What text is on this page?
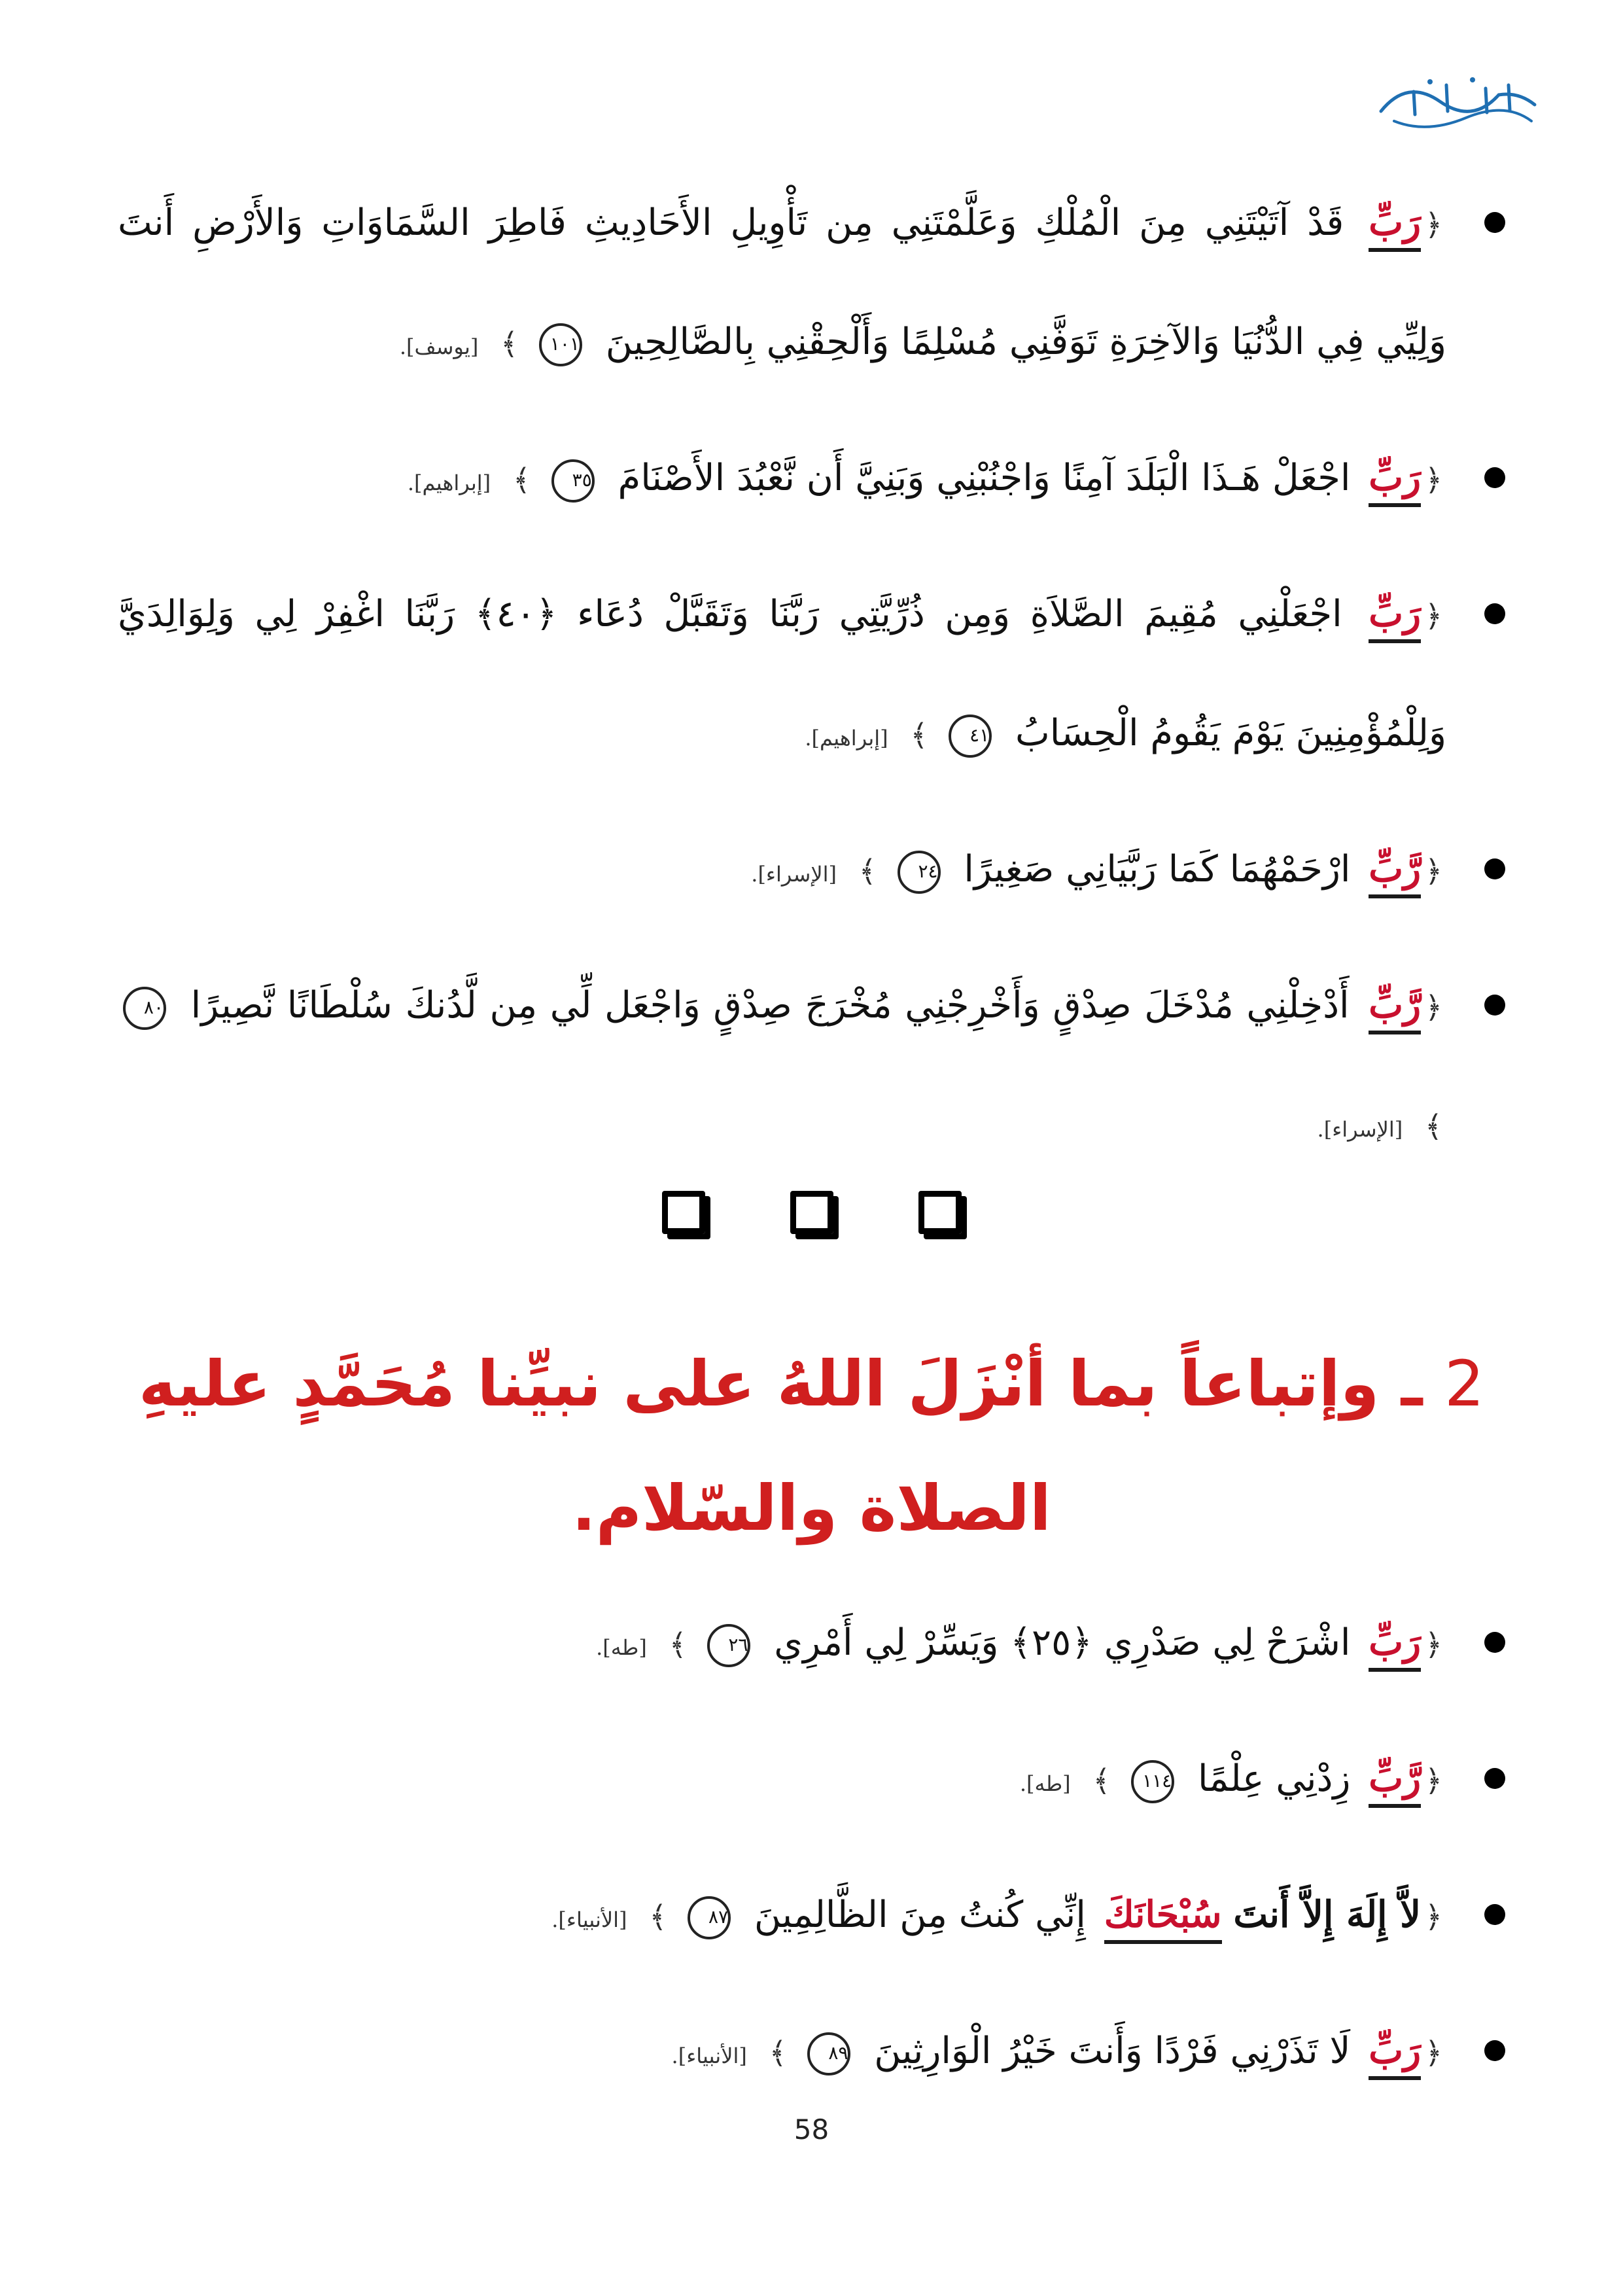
﴿رَبِّ قَدْ آتَيْتَنِي مِنَ الْمُلْكِ وَعَلَّمْتَنِي مِن تَأْوِيلِ الأَحَادِيثِ فَاطِرَ السَّمَاوَاتِ وَالأَرْضِ أَنتَ وَلِيِّي فِي الدُّنُيَا وَالآخِرَةِ تَوَفَّنِي مُسْلِمًا وَأَلْحِقْنِي بِالصَّالِحِينَ ١٠١ ﴾ [يوسف].
﴿رَبِّ اجْعَلْ هَـذَا الْبَلَدَ آمِنًا وَاجْنُبْنِي وَبَنِيَّ أَن نَّعْبُدَ الأَصْنَامَ ٣٥ ﴾ [إبراهيم].
﴿رَبِّ اجْعَلْنِي مُقِيمَ الصَّلاَةِ وَمِن ذُرِّيَّتِي رَبَّنَا وَتَقَبَّلْ دُعَاء ﴿٤٠﴾ رَبَّنَا اغْفِرْ لِي وَلِوَالِدَيَّ وَلِلْمُؤْمِنِينَ يَوْمَ يَقُومُ الْحِسَابُ ٤١ ﴾ [إبراهيم].
﴿رَّبِّ ارْحَمْهُمَا كَمَا رَبَّيَانِي صَغِيرًا ٢٤ ﴾ [الإسراء].
﴿رَّبِّ أَدْخِلْنِي مُدْخَلَ صِدْقٍ وَأَخْرِجْنِي مُخْرَجَ صِدْقٍ وَاجْعَل لِّي مِن لَّدُنكَ سُلْطَانًا نَّصِيرًا ٨٠ ﴾ [الإسراء].
2 ـ وإتباعاً بما أنْزَلَ اللهُ على نبيِّنا مُحَمَّدٍ عليهِ الصلاة والسّلام.
﴿رَبِّ اشْرَحْ لِي صَدْرِي ﴿٢٥﴾ وَيَسِّرْ لِي أَمْرِي ٢٦ ﴾ [طه].
﴿رَّبِّ زِدْنِي عِلْمًا ١١٤ ﴾ [طه].
﴿لاَّ إِلَهَ إِلاَّ أَنتَ سُبْحَانَكَ إِنِّي كُنتُ مِنَ الظَّالِمِينَ ٨٧ ﴾ [الأنبياء].
﴿رَبِّ لَا تَذَرْنِي فَرْدًا وَأَنتَ خَيْرُ الْوَارِثِينَ ٨٩ ﴾ [الأنبياء].
58
